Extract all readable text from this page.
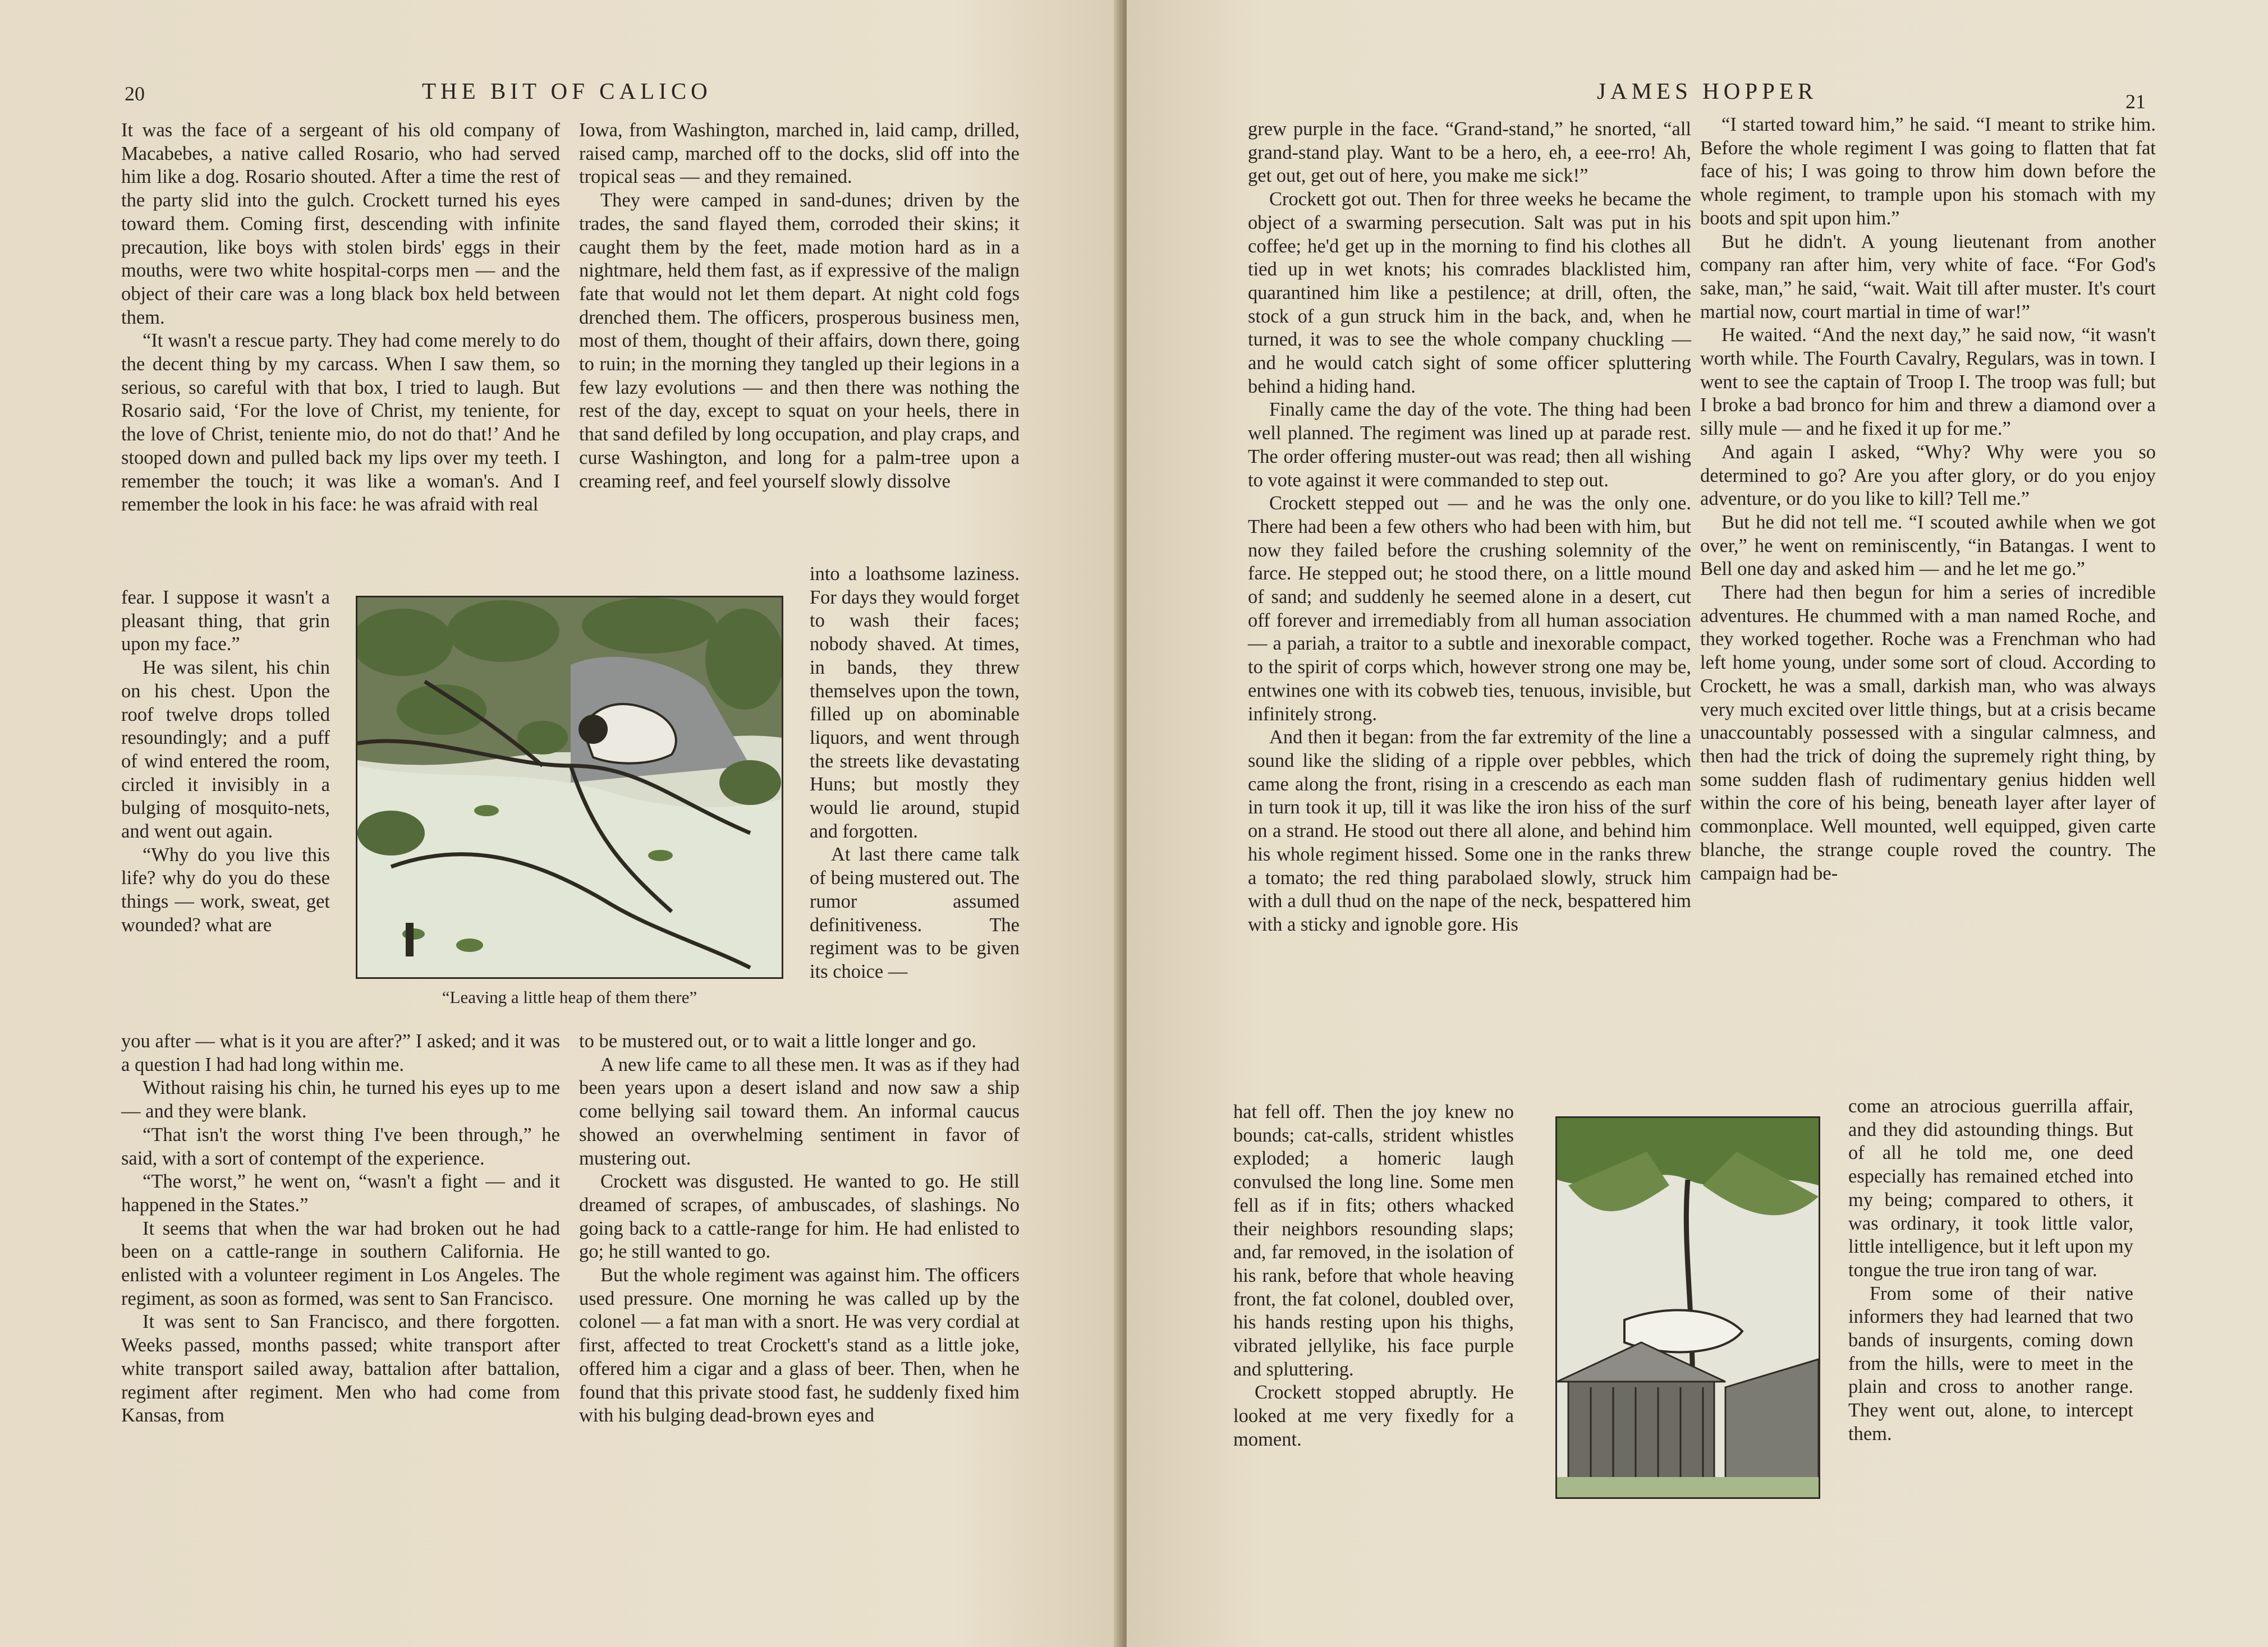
20	THE BIT OF CALICO

It was the face of a sergeant of his old company of Macabebes, a native called Rosario, who had served him like a dog. Rosario shouted. After a time the rest of the party slid into the gulch. Crockett turned his eyes toward them. Coming first, descending with infinite precaution, like boys with stolen birds' eggs in their mouths, were two white hospital-corps men — and the object of their care was a long black box held between them.

“It wasn't a rescue party. They had come merely to do the decent thing by my carcass. When I saw them, so serious, so careful with that box, I tried to laugh. But Rosario said, ‘For the love of Christ, my teniente, for the love of Christ, teniente mio, do not do that!’ And he stooped down and pulled back my lips over my teeth. I remember the touch; it was like a woman's. And I remember the look in his face: he was afraid with real

fear. I suppose it wasn't a pleasant thing, that grin upon my face.”

He was silent, his chin on his chest. Upon the roof twelve drops tolled resoundingly; and a puff of wind entered the room, circled it invisibly in a bulging of mosquito-nets, and went out again.

“Why do you live this life? why do you do these things — work, sweat, get wounded? what are

you after — what is it you are after?” I asked; and it was a question I had had long within me.

Without raising his chin, he turned his eyes up to me — and they were blank.

“That isn't the worst thing I've been through,” he said, with a sort of contempt of the experience.

“The worst,” he went on, “wasn't a fight — and it happened in the States.”

It seems that when the war had broken out he had been on a cattle-range in southern California. He enlisted with a volunteer regiment in Los Angeles. The regiment, as soon as formed, was sent to San Francisco.

It was sent to San Francisco, and there forgotten. Weeks passed, months passed; white transport after white transport sailed away, battalion after battalion, regiment after regiment. Men who had come from Kansas, from

Iowa, from Washington, marched in, laid camp, drilled, raised camp, marched off to the docks, slid off into the tropical seas — and they remained.

They were camped in sand-dunes; driven by the trades, the sand flayed them, corroded their skins; it caught them by the feet, made motion hard as in a nightmare, held them fast, as if expressive of the malign fate that would not let them depart. At night cold fogs drenched them. The officers, prosperous business men, most of them, thought of their affairs, down there, going to ruin; in the morning they tangled up their legions in a few lazy evolutions — and then there was nothing the rest of the day, except to squat on your heels, there in that sand defiled by long occupation, and play craps, and curse Washington, and long for a palm-tree upon a creaming reef, and feel yourself slowly dissolve

into a loathsome laziness. For days they would forget to wash their faces; nobody shaved. At times, in bands, they threw themselves upon the town, filled up on abominable liquors, and went through the streets like devastating Huns; but mostly they would lie around, stupid and forgotten.

At last there came talk of being mustered out. The rumor assumed definitiveness. The regiment was to be given its choice —

to be mustered out, or to wait a little longer and go.

A new life came to all these men. It was as if they had been years upon a desert island and now saw a ship come bellying sail toward them. An informal caucus showed an overwhelming sentiment in favor of mustering out.

Crockett was disgusted. He wanted to go. He still dreamed of scrapes, of ambuscades, of slashings. No going back to a cattle-range for him. He had enlisted to go; he still wanted to go.

But the whole regiment was against him. The officers used pressure. One morning he was called up by the colonel — a fat man with a snort. He was very cordial at first, affected to treat Crockett's stand as a little joke, offered him a cigar and a glass of beer. Then, when he found that this private stood fast, he suddenly fixed him with his bulging dead-brown eyes and

“Leaving a little heap of them there”
JAMES HOPPER	21

grew purple in the face. “Grand-stand,” he snorted, “all grand-stand play. Want to be a hero, eh, a eee-rro! Ah, get out, get out of here, you make me sick!”

Crockett got out. Then for three weeks he became the object of a swarming persecution. Salt was put in his coffee; he'd get up in the morning to find his clothes all tied up in wet knots; his comrades blacklisted him, quarantined him like a pestilence; at drill, often, the stock of a gun struck him in the back, and, when he turned, it was to see the whole company chuckling — and he would catch sight of some officer spluttering behind a hiding hand.

Finally came the day of the vote. The thing had been well planned. The regiment was lined up at parade rest. The order offering muster-out was read; then all wishing to vote against it were commanded to step out.

Crockett stepped out — and he was the only one. There had been a few others who had been with him, but now they failed before the crushing solemnity of the farce. He stepped out; he stood there, on a little mound of sand; and suddenly he seemed alone in a desert, cut off forever and irremediably from all human association — a pariah, a traitor to a subtle and inexorable compact, to the spirit of corps which, however strong one may be, entwines one with its cobweb ties, tenuous, invisible, but infinitely strong.

And then it began: from the far extremity of the line a sound like the sliding of a ripple over pebbles, which came along the front, rising in a crescendo as each man in turn took it up, till it was like the iron hiss of the surf on a strand. He stood out there all alone, and behind him his whole regiment hissed. Some one in the ranks threw a tomato; the red thing parabolaed slowly, struck him with a dull thud on the nape of the neck, bespattered him with a sticky and ignoble gore. His

hat fell off. Then the joy knew no bounds; cat-calls, strident whistles exploded; a homeric laugh convulsed the long line. Some men fell as if in fits; others whacked their neighbors resounding slaps; and, far removed, in the isolation of his rank, before that whole heaving front, the fat colonel, doubled over, his hands resting upon his thighs, vibrated jellylike, his face purple and spluttering.

Crockett stopped abruptly. He looked at me very fixedly for a moment.

“I started toward him,” he said. “I meant to strike him. Before the whole regiment I was going to flatten that fat face of his; I was going to throw him down before the whole regiment, to trample upon his stomach with my boots and spit upon him.”

But he didn't. A young lieutenant from another company ran after him, very white of face. “For God's sake, man,” he said, “wait. Wait till after muster. It's court martial now, court martial in time of war!”

He waited. “And the next day,” he said now, “it wasn't worth while. The Fourth Cavalry, Regulars, was in town. I went to see the captain of Troop I. The troop was full; but I broke a bad bronco for him and threw a diamond over a silly mule — and he fixed it up for me.”

And again I asked, “Why? Why were you so determined to go? Are you after glory, or do you enjoy adventure, or do you like to kill? Tell me.”

But he did not tell me. “I scouted awhile when we got over,” he went on reminiscently, “in Batangas. I went to Bell one day and asked him — and he let me go.”

There had then begun for him a series of incredible adventures. He chummed with a man named Roche, and they worked together. Roche was a Frenchman who had left home young, under some sort of cloud. According to Crockett, he was a small, darkish man, who was always very much excited over little things, but at a crisis became unaccountably possessed with a singular calmness, and then had the trick of doing the supremely right thing, by some sudden flash of rudimentary genius hidden well within the core of his being, beneath layer after layer of commonplace. Well mounted, well equipped, given carte blanche, the strange couple roved the country. The campaign had be-

come an atrocious guerrilla affair, and they did astounding things. But of all he told me, one deed especially has remained etched into my being; compared to others, it was ordinary, it took little valor, little intelligence, but it left upon my tongue the true iron tang of war.

From some of their native informers they had learned that two bands of insurgents, coming down from the hills, were to meet in the plain and cross to another range. They went out, alone, to intercept them.
